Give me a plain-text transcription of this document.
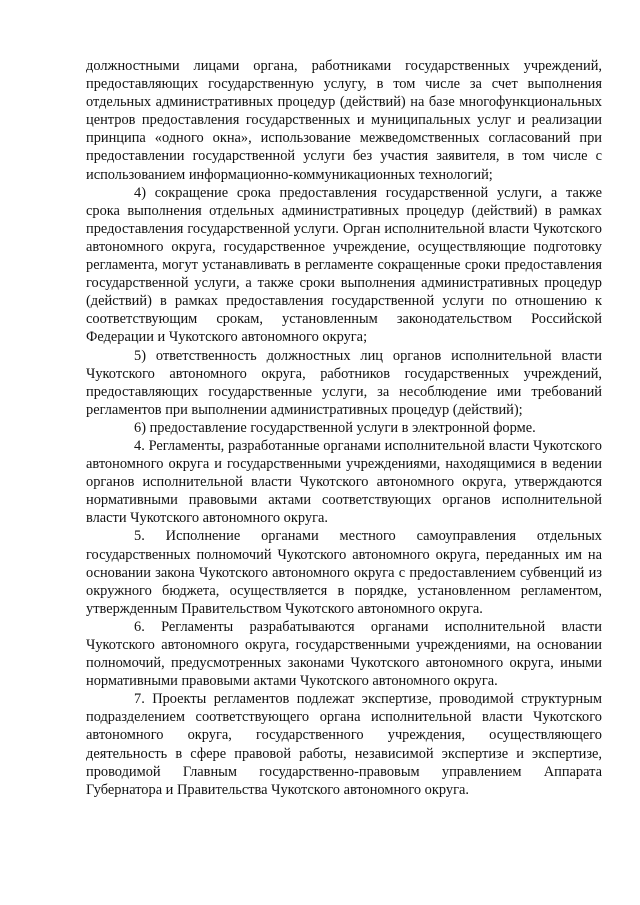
должностными лицами органа, работниками государственных учреждений, предоставляющих государственную услугу, в том числе за счет выполнения отдельных административных процедур (действий) на базе многофункциональных центров предоставления государственных и муниципальных услуг и реализации принципа «одного окна», использование межведомственных согласований при предоставлении государственной услуги без участия заявителя, в том числе с использованием информационно-коммуникационных технологий;

4) сокращение срока предоставления государственной услуги, а также срока выполнения отдельных административных процедур (действий) в рамках предоставления государственной услуги. Орган исполнительной власти Чукотского автономного округа, государственное учреждение, осуществляющие подготовку регламента, могут устанавливать в регламенте сокращенные сроки предоставления государственной услуги, а также сроки выполнения административных процедур (действий) в рамках предоставления государственной услуги по отношению к соответствующим срокам, установленным законодательством Российской Федерации и Чукотского автономного округа;

5) ответственность должностных лиц органов исполнительной власти Чукотского автономного округа, работников государственных учреждений, предоставляющих государственные услуги, за несоблюдение ими требований регламентов при выполнении административных процедур (действий);

6) предоставление государственной услуги в электронной форме.

4. Регламенты, разработанные органами исполнительной власти Чукотского автономного округа и государственными учреждениями, находящимися в ведении органов исполнительной власти Чукотского автономного округа, утверждаются нормативными правовыми актами соответствующих органов исполнительной власти Чукотского автономного округа.

5. Исполнение органами местного самоуправления отдельных государственных полномочий Чукотского автономного округа, переданных им на основании закона Чукотского автономного округа с предоставлением субвенций из окружного бюджета, осуществляется в порядке, установленном регламентом, утвержденным Правительством Чукотского автономного округа.

6. Регламенты разрабатываются органами исполнительной власти Чукотского автономного округа, государственными учреждениями, на основании полномочий, предусмотренных законами Чукотского автономного округа, иными нормативными правовыми актами Чукотского автономного округа.

7. Проекты регламентов подлежат экспертизе, проводимой структурным подразделением соответствующего органа исполнительной власти Чукотского автономного округа, государственного учреждения, осуществляющего деятельность в сфере правовой работы, независимой экспертизе и экспертизе, проводимой Главным государственно-правовым управлением Аппарата Губернатора и Правительства Чукотского автономного округа.
